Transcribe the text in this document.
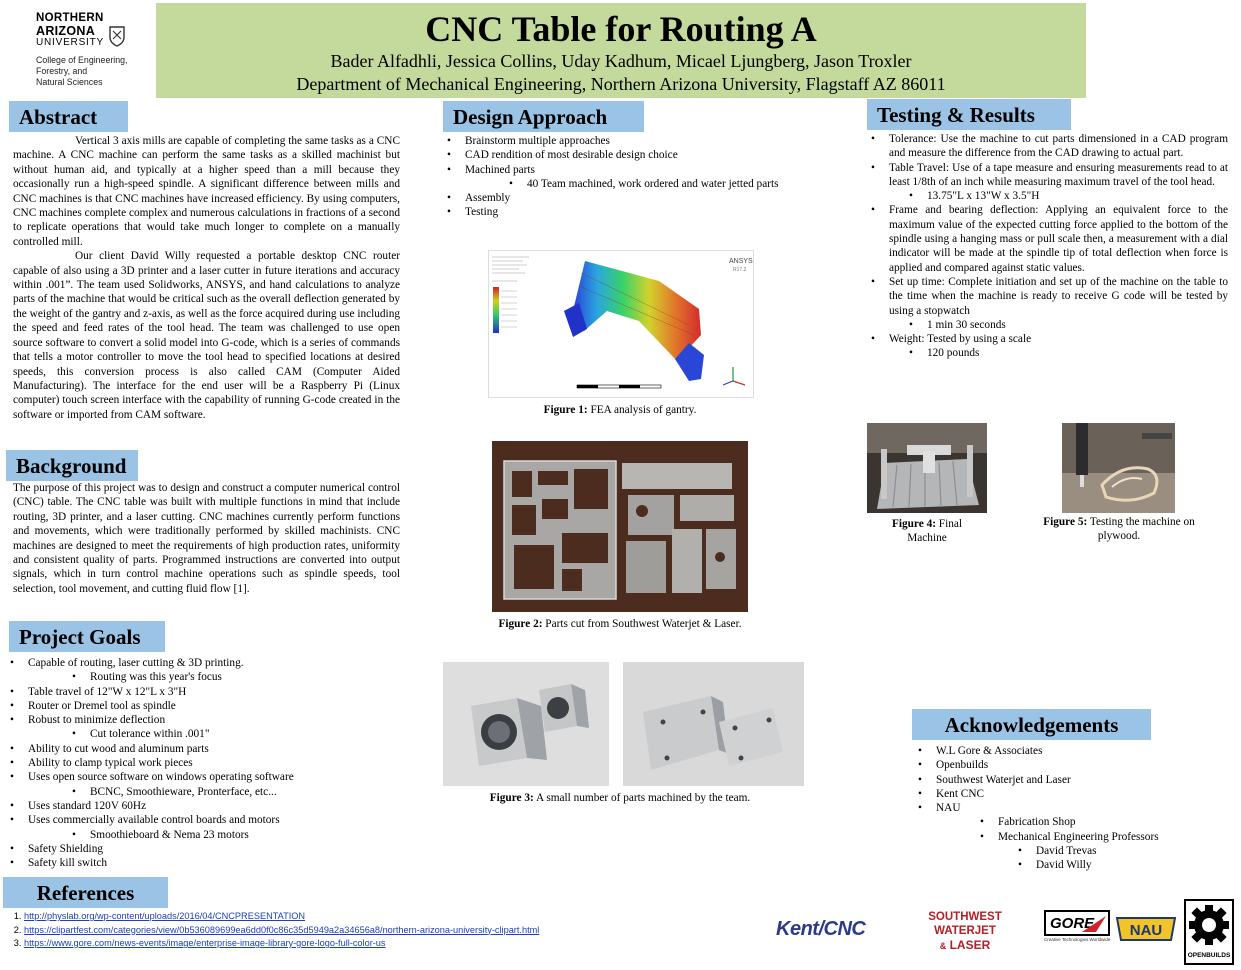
NORTHERN
ARIZONA
UNIVERSITY
College of Engineering,
Forestry, and
Natural Sciences
CNC Table for Routing A
Bader Alfadhli, Jessica Collins, Uday Kadhum, Micael Ljungberg, Jason Troxler
Department of Mechanical Engineering, Northern Arizona University, Flagstaff AZ 86011
Abstract

Vertical 3 axis mills are capable of completing the same tasks as a CNC machine. A CNC machine can perform the same tasks as a skilled machinist but without human aid, and typically at a higher speed than a mill because they occasionally run a high-speed spindle. A significant difference between mills and CNC machines is that CNC machines have increased efficiency. By using computers, CNC machines complete complex and numerous calculations in fractions of a second to replicate operations that would take much longer to complete on a manually controlled mill.

Our client David Willy requested a portable desktop CNC router capable of also using a 3D printer and a laser cutter in future iterations and accuracy within .001”. The team used Solidworks, ANSYS, and hand calculations to analyze parts of the machine that would be critical such as the overall deflection generated by the weight of the gantry and z-axis, as well as the force acquired during use including the speed and feed rates of the tool head. The team was challenged to use open source software to convert a solid model into G-code, which is a series of commands that tells a motor controller to move the tool head to specified locations at desired speeds, this conversion process is also called CAM (Computer Aided Manufacturing). The interface for the end user will be a Raspberry Pi (Linux computer) touch screen interface with the capability of running G-code created in the software or imported from CAM software.

Background

The purpose of this project was to design and construct a computer numerical control (CNC) table. The CNC table was built with multiple functions in mind that include routing, 3D printer, and a laser cutting. CNC machines currently perform functions and movements, which were traditionally performed by skilled machinists. CNC machines are designed to meet the requirements of high production rates, uniformity and consistent quality of parts. Programmed instructions are converted into output signals, which in turn control machine operations such as spindle speeds, tool selection, tool movement, and cutting fluid flow [1].

Project Goals
• Capable of routing, laser cutting & 3D printing.
• Routing was this year's focus
• Table travel of 12"W x 12"L x 3"H
• Router or Dremel tool as spindle
• Robust to minimize deflection
• Cut tolerance within .001"
• Ability to cut wood and aluminum parts
• Ability to clamp typical work pieces
• Uses open source software on windows operating software
• BCNC, Smoothieware, Pronterface, etc...
• Uses standard 120V 60Hz
• Uses commercially available control boards and motors
• Smoothieboard & Nema 23 motors
• Safety Shielding
• Safety kill switch
References
1. http://physlab.org/wp-content/uploads/2016/04/CNCPRESENTATION
2. https://clipartfest.com/categories/view/0b536089699ea6dd0f0c86c35d5949a2a34656a8/northern-arizona-university-clipart.html
3. https://www.gore.com/news-events/image/enterprise-image-library-gore-logo-full-color-us
Design Approach
• Brainstorm multiple approaches
• CAD rendition of most desirable design choice
• Machined parts
• 40 Team machined, work ordered and water jetted parts
• Assembly
• Testing
ANSYS
R17.2
Figure 1: FEA analysis of gantry.
Figure 2: Parts cut from Southwest Waterjet & Laser.
Figure 3: A small number of parts machined by the team.
Testing & Results
• Tolerance: Use the machine to cut parts dimensioned in a CAD program and measure the difference from the CAD drawing to actual part.
• Table Travel: Use of a tape measure and ensuring measurements read to at least 1/8th of an inch while measuring maximum travel of the tool head.
• 13.75"L x 13"W x 3.5"H
• Frame and bearing deflection: Applying an equivalent force to the maximum value of the expected cutting force applied to the bottom of the spindle using a hanging mass or pull scale then, a measurement with a dial indicator will be made at the spindle tip of total deflection when force is applied and compared against static values.
• Set up time: Complete initiation and set up of the machine on the table to the time when the machine is ready to receive G code will be tested by using a stopwatch
• 1 min 30 seconds
• Weight: Tested by using a scale
• 120 pounds
Figure 4: Final Machine
Figure 5: Testing the machine on plywood.
Acknowledgements
• W.L Gore & Associates
• Openbuilds
• Southwest Waterjet and Laser
• Kent CNC
• NAU
• Fabrication Shop
• Mechanical Engineering Professors
• David Trevas
• David Willy
Kent/CNC
SOUTHWEST WATERJET
& LASER
GORE
Creative Technologies Worldwide
NAU
OPENBUILDS
